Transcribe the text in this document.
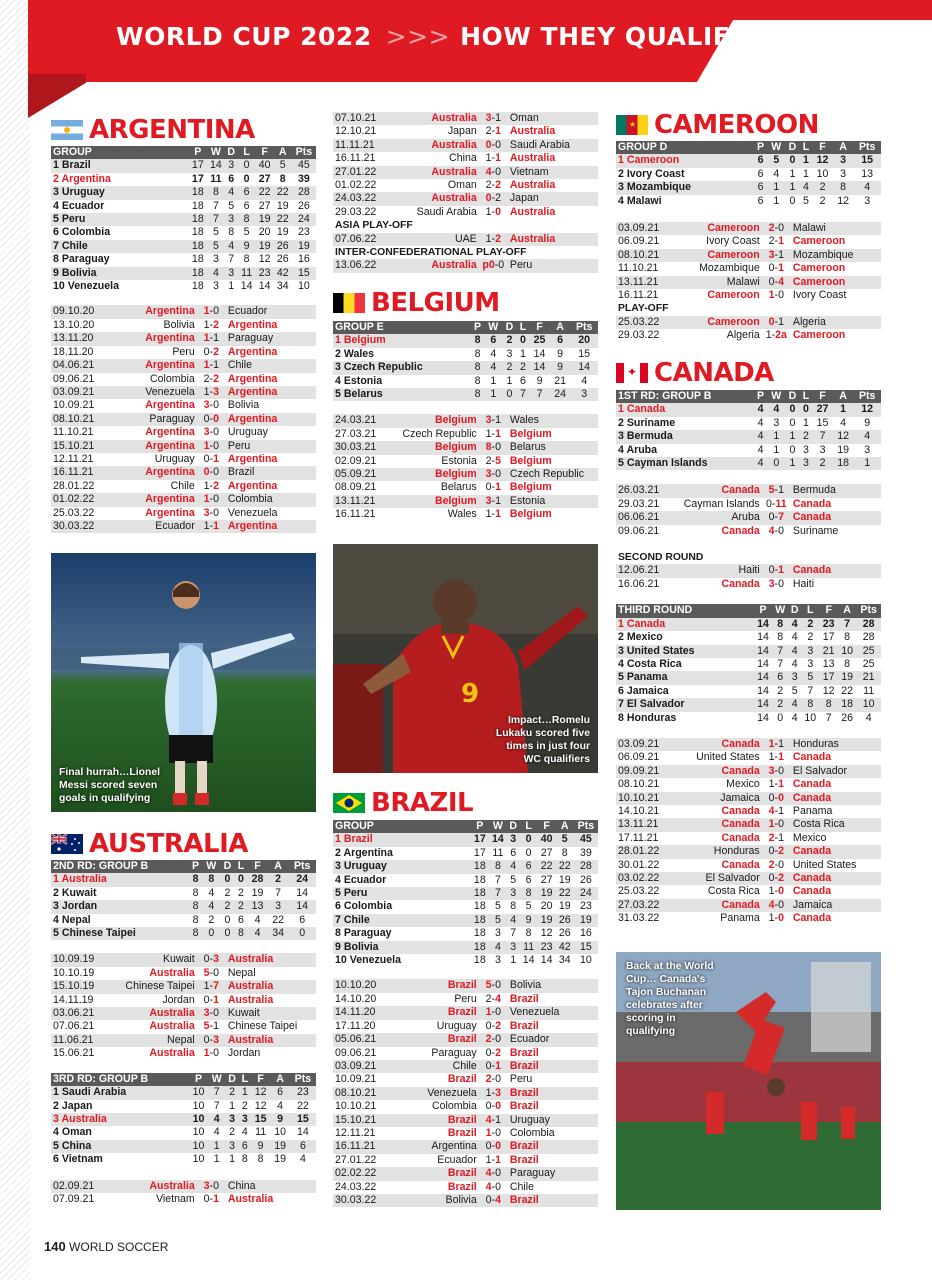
WORLD CUP 2022 >>> HOW THEY QUALIFIED
ARGENTINA
GROUP	P	W	D	L	F	A	Pts
1 Brazil	17	14	3	0	40	5	45
2 Argentina	17	11	6	0	27	8	39
3 Uruguay	18	8	4	6	22	22	28
4 Ecuador	18	7	5	6	27	19	26
5 Peru	18	7	3	8	19	22	24
6 Colombia	18	5	8	5	20	19	23
7 Chile	18	5	4	9	19	26	19
8 Paraguay	18	3	7	8	12	26	16
9 Bolivia	18	4	3	11	23	42	15
10 Venezuela	18	3	1	14	14	34	10
09.10.20	Argentina	1-0	Ecuador
13.10.20	Bolivia	1-2	Argentina
13.11.20	Argentina	1-1	Paraguay
18.11.20	Peru	0-2	Argentina
04.06.21	Argentina	1-1	Chile
09.06.21	Colombia	2-2	Argentina
03.09.21	Venezuela	1-3	Argentina
10.09.21	Argentina	3-0	Bolivia
08.10.21	Paraguay	0-0	Argentina
11.10.21	Argentina	3-0	Uruguay
15.10.21	Argentina	1-0	Peru
12.11.21	Uruguay	0-1	Argentina
16.11.21	Argentina	0-0	Brazil
28.01.22	Chile	1-2	Argentina
01.02.22	Argentina	1-0	Colombia
25.03.22	Argentina	3-0	Venezuela
30.03.22	Ecuador	1-1	Argentina
Final hurrah…Lionel Messi scored seven goals in qualifying
AUSTRALIA
2ND RD: GROUP B	P	W	D	L	F	A	Pts
1 Australia	8	8	0	0	28	2	24
2 Kuwait	8	4	2	2	19	7	14
3 Jordan	8	4	2	2	13	3	14
4 Nepal	8	2	0	6	4	22	6
5 Chinese Taipei	8	0	0	8	4	34	0
10.09.19	Kuwait	0-3	Australia
10.10.19	Australia	5-0	Nepal
15.10.19	Chinese Taipei	1-7	Australia
14.11.19	Jordan	0-1	Australia
03.06.21	Australia	3-0	Kuwait
07.06.21	Australia	5-1	Chinese Taipei
11.06.21	Nepal	0-3	Australia
15.06.21	Australia	1-0	Jordan
3RD RD: GROUP B	P	W	D	L	F	A	Pts
1 Saudi Arabia	10	7	2	1	12	6	23
2 Japan	10	7	1	2	12	4	22
3 Australia	10	4	3	3	15	9	15
4 Oman	10	4	2	4	11	10	14
5 China	10	1	3	6	9	19	6
6 Vietnam	10	1	1	8	8	19	4
02.09.21	Australia	3-0	China
07.09.21	Vietnam	0-1	Australia
07.10.21	Australia	3-1	Oman
12.10.21	Japan	2-1	Australia
11.11.21	Australia	0-0	Saudi Arabia
16.11.21	China	1-1	Australia
27.01.22	Australia	4-0	Vietnam
01.02.22	Oman	2-2	Australia
24.03.22	Australia	0-2	Japan
29.03.22	Saudi Arabia	1-0	Australia
ASIA PLAY-OFF
07.06.22	UAE	1-2	Australia
INTER-CONFEDERATIONAL PLAY-OFF
13.06.22	Australia	p0-0	Peru
BELGIUM
GROUP E	P	W	D	L	F	A	Pts
1 Belgium	8	6	2	0	25	6	20
2 Wales	8	4	3	1	14	9	15
3 Czech Republic	8	4	2	2	14	9	14
4 Estonia	8	1	1	6	9	21	4
5 Belarus	8	1	0	7	7	24	3
24.03.21	Belgium	3-1	Wales
27.03.21	Czech Republic	1-1	Belgium
30.03.21	Belgium	8-0	Belarus
02.09.21	Estonia	2-5	Belgium
05.09.21	Belgium	3-0	Czech Republic
08.09.21	Belarus	0-1	Belgium
13.11.21	Belgium	3-1	Estonia
16.11.21	Wales	1-1	Belgium
9
Impact…Romelu Lukaku scored five times in just four WC qualifiers
BRAZIL
GROUP	P	W	D	L	F	A	Pts
1 Brazil	17	14	3	0	40	5	45
2 Argentina	17	11	6	0	27	8	39
3 Uruguay	18	8	4	6	22	22	28
4 Ecuador	18	7	5	6	27	19	26
5 Peru	18	7	3	8	19	22	24
6 Colombia	18	5	8	5	20	19	23
7 Chile	18	5	4	9	19	26	19
8 Paraguay	18	3	7	8	12	26	16
9 Bolivia	18	4	3	11	23	42	15
10 Venezuela	18	3	1	14	14	34	10
10.10.20	Brazil	5-0	Bolivia
14.10.20	Peru	2-4	Brazil
14.11.20	Brazil	1-0	Venezuela
17.11.20	Uruguay	0-2	Brazil
05.06.21	Brazil	2-0	Ecuador
09.06.21	Paraguay	0-2	Brazil
03.09.21	Chile	0-1	Brazil
10.09.21	Brazil	2-0	Peru
08.10.21	Venezuela	1-3	Brazil
10.10.21	Colombia	0-0	Brazil
15.10.21	Brazil	4-1	Uruguay
12.11.21	Brazil	1-0	Colombia
16.11.21	Argentina	0-0	Brazil
27.01.22	Ecuador	1-1	Brazil
02.02.22	Brazil	4-0	Paraguay
24.03.22	Brazil	4-0	Chile
30.03.22	Bolivia	0-4	Brazil
★ CAMEROON
GROUP D	P	W	D	L	F	A	Pts
1 Cameroon	6	5	0	1	12	3	15
2 Ivory Coast	6	4	1	1	10	3	13
3 Mozambique	6	1	1	4	2	8	4
4 Malawi	6	1	0	5	2	12	3
03.09.21	Cameroon	2-0	Malawi
06.09.21	Ivory Coast	2-1	Cameroon
08.10.21	Cameroon	3-1	Mozambique
11.10.21	Mozambique	0-1	Cameroon
13.11.21	Malawi	0-4	Cameroon
16.11.21	Cameroon	1-0	Ivory Coast
PLAY-OFF
25.03.22	Cameroon	0-1	Algeria
29.03.22	Algeria	1-2a	Cameroon
✦ CANADA
1ST RD: GROUP B	P	W	D	L	F	A	Pts
1 Canada	4	4	0	0	27	1	12
2 Suriname	4	3	0	1	15	4	9
3 Bermuda	4	1	1	2	7	12	4
4 Aruba	4	1	0	3	3	19	3
5 Cayman Islands	4	0	1	3	2	18	1
26.03.21	Canada	5-1	Bermuda
29.03.21	Cayman Islands	0-11	Canada
06.06.21	Aruba	0-7	Canada
09.06.21	Canada	4-0	Suriname
SECOND ROUND
12.06.21	Haiti	0-1	Canada
16.06.21	Canada	3-0	Haiti
THIRD ROUND	P	W	D	L	F	A	Pts
1 Canada	14	8	4	2	23	7	28
2 Mexico	14	8	4	2	17	8	28
3 United States	14	7	4	3	21	10	25
4 Costa Rica	14	7	4	3	13	8	25
5 Panama	14	6	3	5	17	19	21
6 Jamaica	14	2	5	7	12	22	11
7 El Salvador	14	2	4	8	8	18	10
8 Honduras	14	0	4	10	7	26	4
03.09.21	Canada	1-1	Honduras
06.09.21	United States	1-1	Canada
09.09.21	Canada	3-0	El Salvador
08.10.21	Mexico	1-1	Canada
10.10.21	Jamaica	0-0	Canada
14.10.21	Canada	4-1	Panama
13.11.21	Canada	1-0	Costa Rica
17.11.21	Canada	2-1	Mexico
28.01.22	Honduras	0-2	Canada
30.01.22	Canada	2-0	United States
03.02.22	El Salvador	0-2	Canada
25.03.22	Costa Rica	1-0	Canada
27.03.22	Canada	4-0	Jamaica
31.03.22	Panama	1-0	Canada
Back at the World Cup… Canada's Tajon Buchanan celebrates after scoring in qualifying
140 WORLD SOCCER
